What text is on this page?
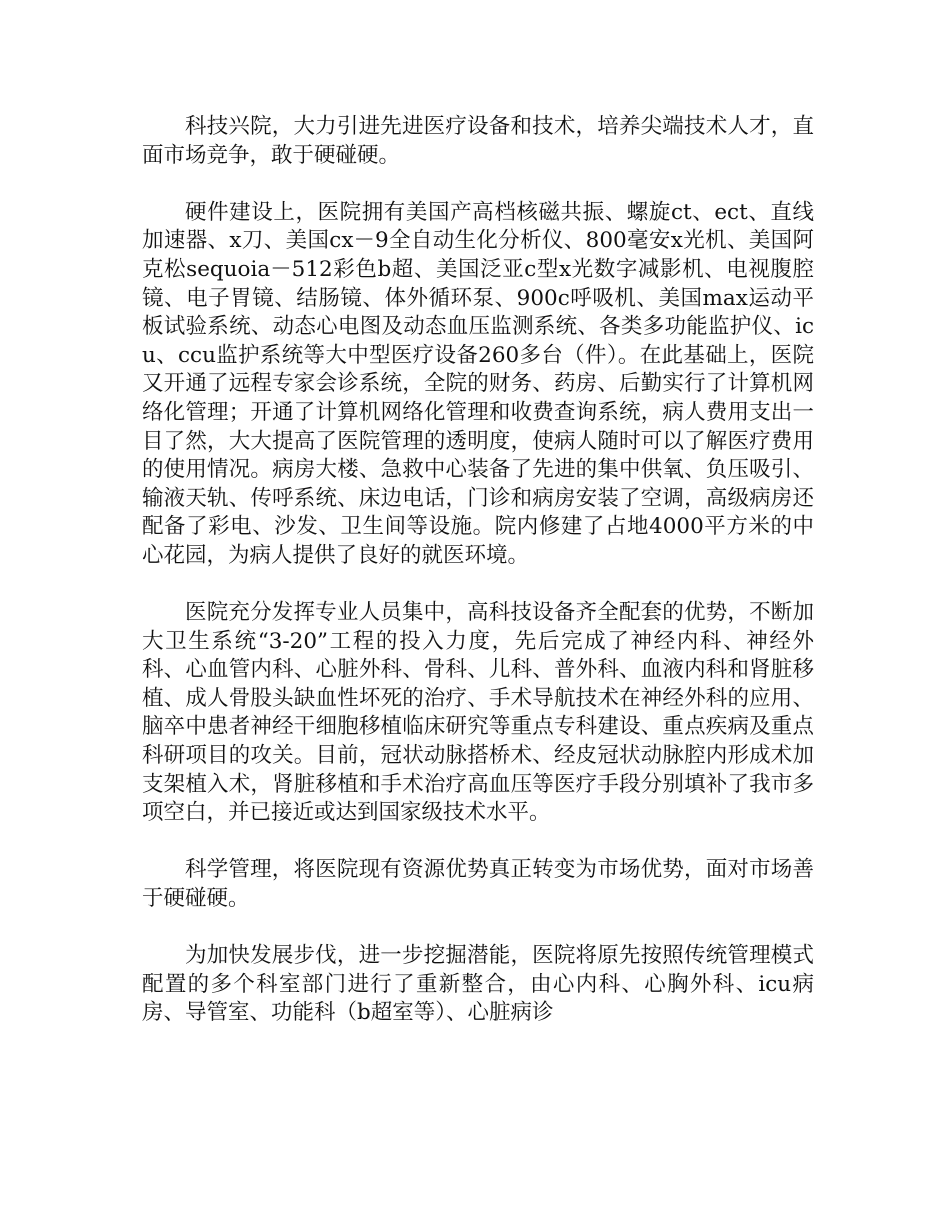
科技兴院，大力引进先进医疗设备和技术，培养尖端技术人才，直面市场竞争，敢于硬碰硬。

硬件建设上，医院拥有美国产高档核磁共振、螺旋ct、ect、直线加速器、x刀、美国cx－9全自动生化分析仪、800毫安x光机、美国阿克松sequoia－512彩色b超、美国泛亚c型x光数字减影机、电视腹腔镜、电子胃镜、结肠镜、体外循环泵、900c呼吸机、美国max运动平板试验系统、动态心电图及动态血压监测系统、各类多功能监护仪、icu、ccu监护系统等大中型医疗设备260多台（件）。在此基础上，医院又开通了远程专家会诊系统，全院的财务、药房、后勤实行了计算机网络化管理；开通了计算机网络化管理和收费查询系统，病人费用支出一目了然，大大提高了医院管理的透明度，使病人随时可以了解医疗费用的使用情况。病房大楼、急救中心装备了先进的集中供氧、负压吸引、输液天轨、传呼系统、床边电话，门诊和病房安装了空调，高级病房还配备了彩电、沙发、卫生间等设施。院内修建了占地4000平方米的中心花园，为病人提供了良好的就医环境。

医院充分发挥专业人员集中，高科技设备齐全配套的优势，不断加大卫生系统“3-20”工程的投入力度，先后完成了神经内科、神经外科、心血管内科、心脏外科、骨科、儿科、普外科、血液内科和肾脏移植、成人骨股头缺血性坏死的治疗、手术导航技术在神经外科的应用、脑卒中患者神经干细胞移植临床研究等重点专科建设、重点疾病及重点科研项目的攻关。目前，冠状动脉搭桥术、经皮冠状动脉腔内形成术加支架植入术，肾脏移植和手术治疗高血压等医疗手段分别填补了我市多项空白，并已接近或达到国家级技术水平。

科学管理，将医院现有资源优势真正转变为市场优势，面对市场善于硬碰硬。

为加快发展步伐，进一步挖掘潜能，医院将原先按照传统管理模式配置的多个科室部门进行了重新整合，由心内科、心胸外科、icu病房、导管室、功能科（b超室等）、心脏病诊
